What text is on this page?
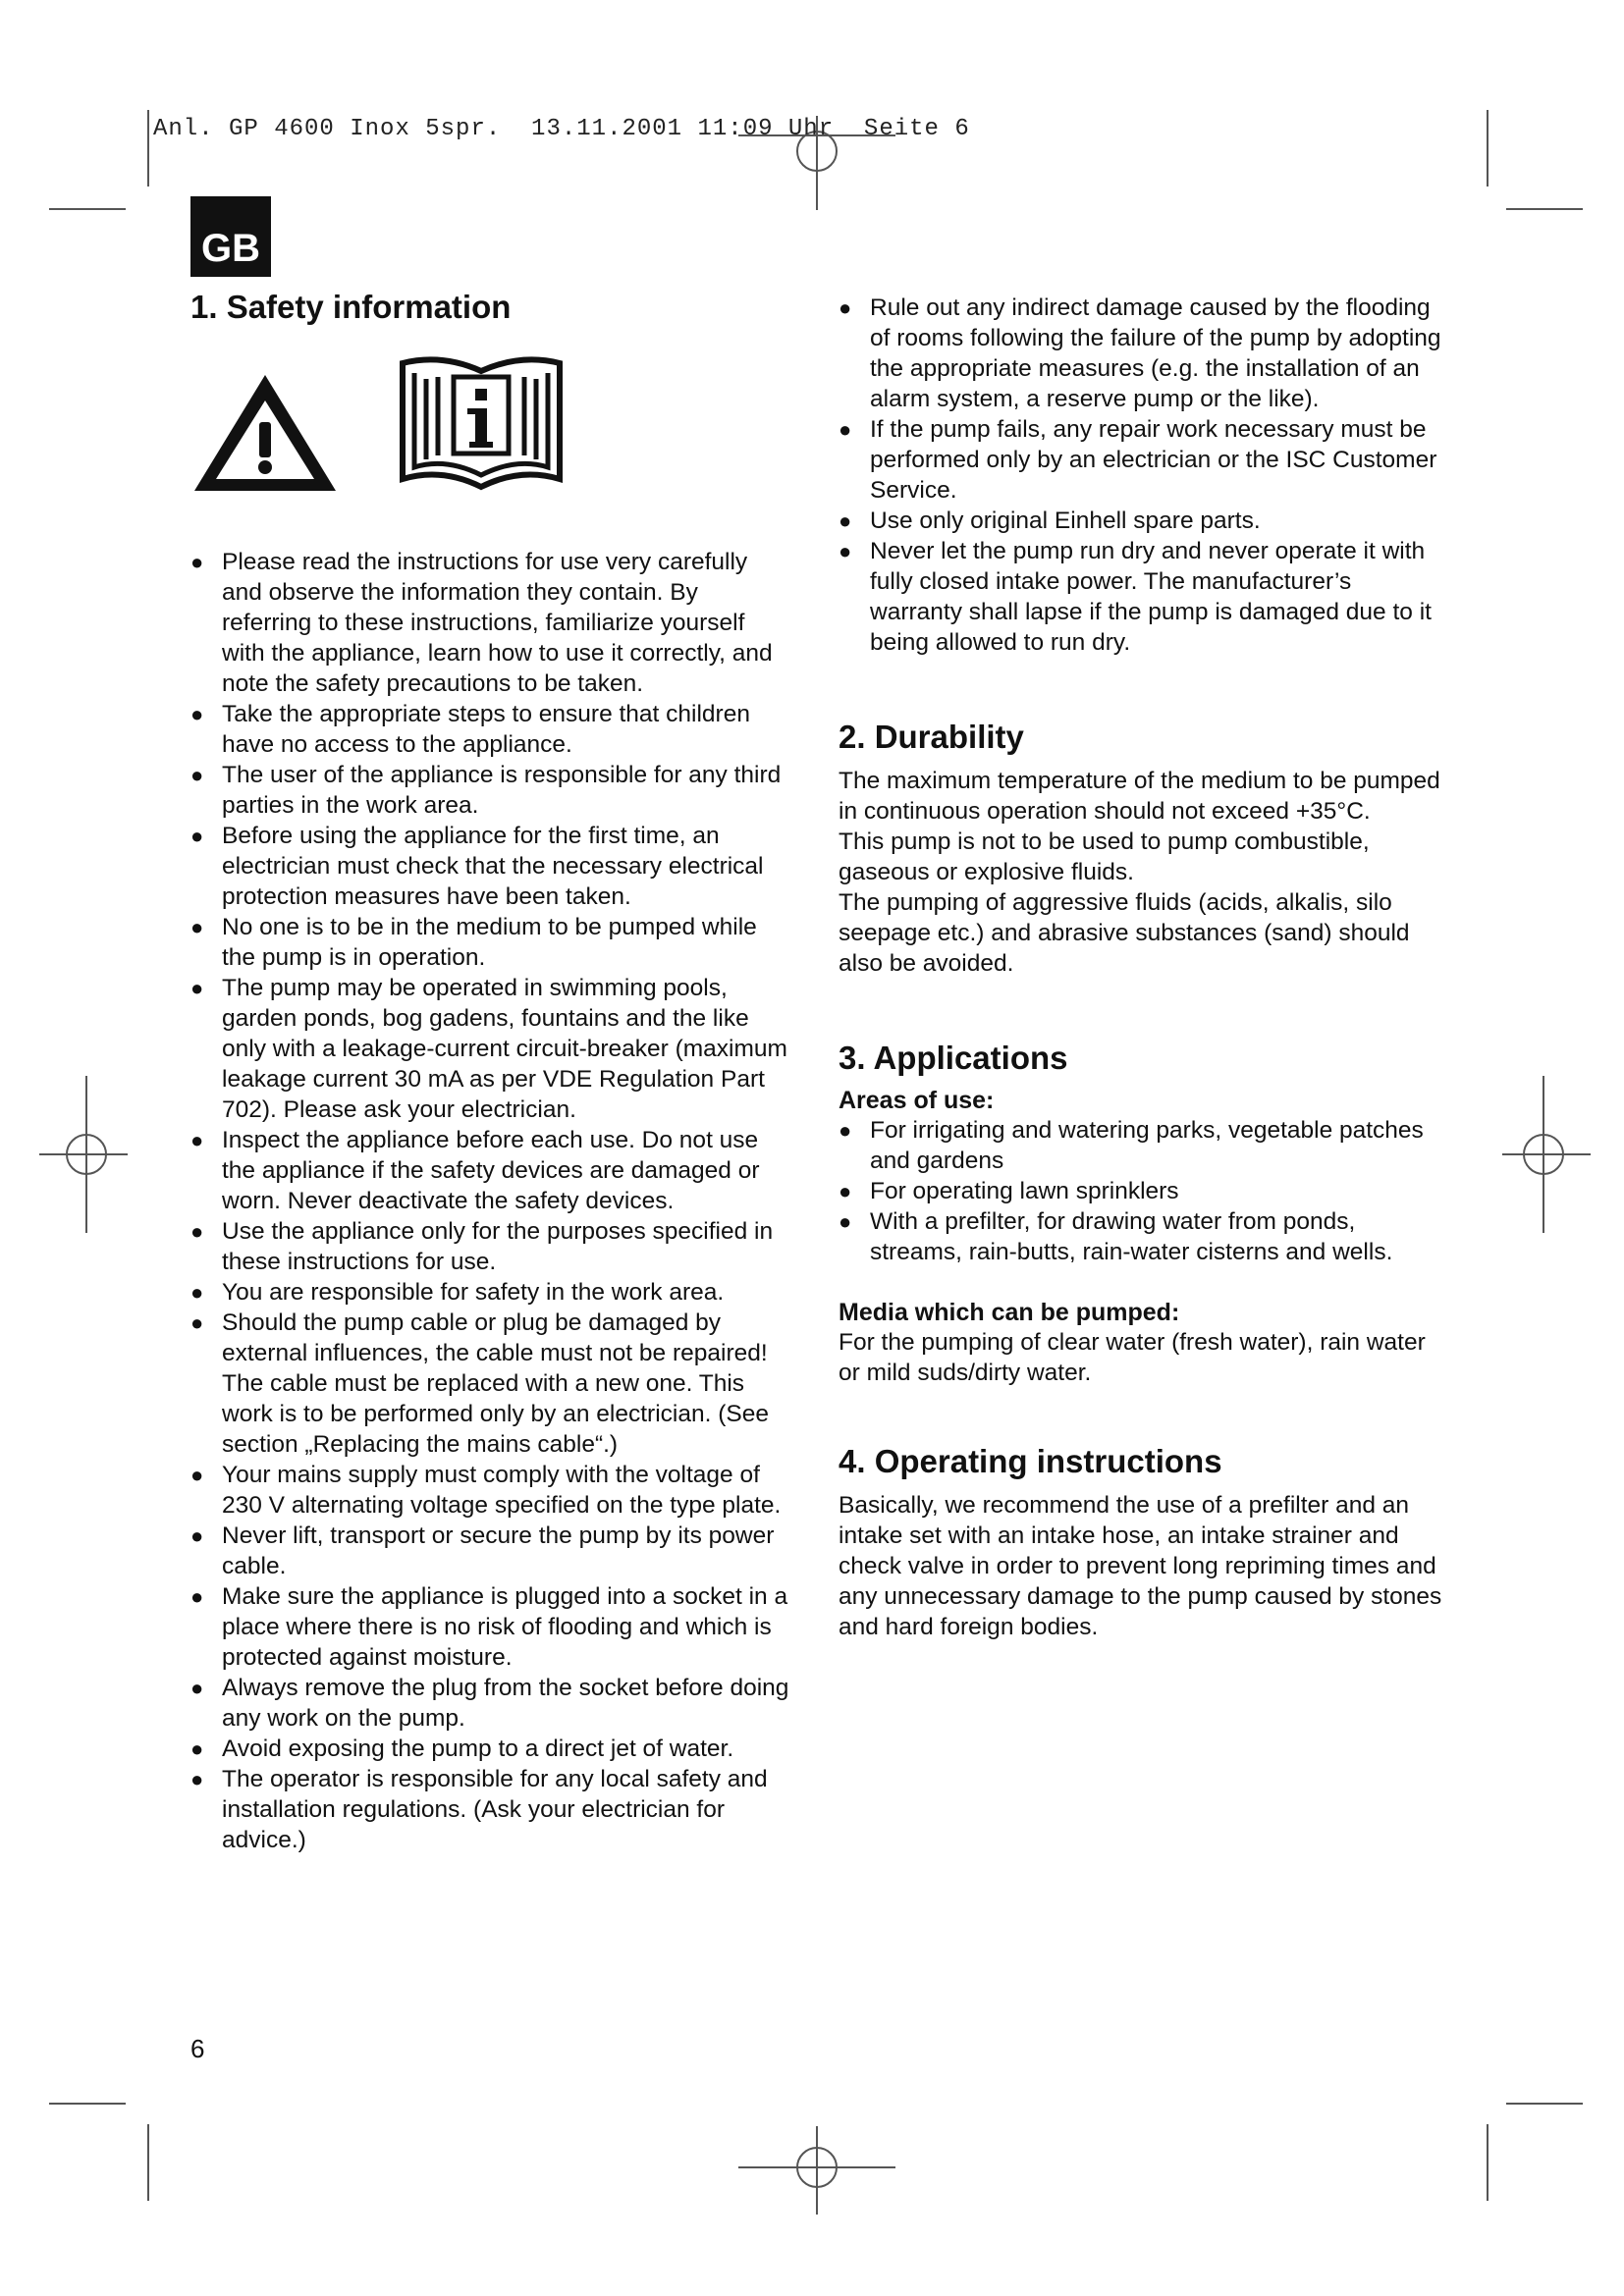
Anl. GP 4600 Inox 5spr.  13.11.2001 11:09 Uhr  Seite 6
GB
1. Safety information
● Please read the instructions for use very carefully and observe the information they contain. By referring to these instructions, familiarize yourself with the appliance, learn how to use it correctly, and note the safety precautions to be taken.
● Take the appropriate steps to ensure that children have no access to the appliance.
● The user of the appliance is responsible for any third parties in the work area.
● Before using the appliance for the first time, an electrician must check that the necessary electrical protection measures have been taken.
● No one is to be in the medium to be pumped while the pump is in operation.
● The pump may be operated in swimming pools, garden ponds, bog gadens, fountains and the like only with a leakage-current circuit-breaker (maximum leakage current 30 mA as per VDE Regulation Part 702). Please ask your electrician.
● Inspect the appliance before each use. Do not use the appliance if the safety devices are damaged or worn. Never deactivate the safety devices.
● Use the appliance only for the purposes specified in these instructions for use.
● You are responsible for safety in the work area.
● Should the pump cable or plug be damaged by external influences, the cable must not be repaired! The cable must be replaced with a new one. This work is to be performed only by an electrician. (See section „Replacing the mains cable“.)
● Your mains supply must comply with the voltage of 230 V alternating voltage specified on the type plate.
● Never lift, transport or secure the pump by its power cable.
● Make sure the appliance is plugged into a socket in a place where there is no risk of flooding and which is protected against moisture.
● Always remove the plug from the socket before doing any work on the pump.
● Avoid exposing the pump to a direct jet of water.
● The operator is responsible for any local safety and installation regulations. (Ask your electrician for advice.)
● Rule out any indirect damage caused by the flooding of rooms following the failure of the pump by adopting the appropriate measures (e.g. the installation of an alarm system, a reserve pump or the like).
● If the pump fails, any repair work necessary must be performed only by an electrician or the ISC Customer Service.
● Use only original Einhell spare parts.
● Never let the pump run dry and never operate it with fully closed intake power. The manufacturer’s warranty shall lapse if the pump is damaged due to it being allowed to run dry.
2. Durability

The maximum temperature of the medium to be pumped in continuous operation should not exceed +35°C.

This pump is not to be used to pump combustible, gaseous or explosive fluids.

The pumping of aggressive fluids (acids, alkalis, silo seepage etc.) and abrasive substances (sand) should also be avoided.

3. Applications
Areas of use:
● For irrigating and watering parks, vegetable patches and gardens
● For operating lawn sprinklers
● With a prefilter, for drawing water from ponds, streams, rain-butts, rain-water cisterns and wells.
Media which can be pumped:

For the pumping of clear water (fresh water), rain water or mild suds/dirty water.

4. Operating instructions

Basically, we recommend the use of a prefilter and an intake set with an intake hose, an intake strainer and check valve in order to prevent long repriming times and any unnecessary damage to the pump caused by stones and hard foreign bodies.

6
